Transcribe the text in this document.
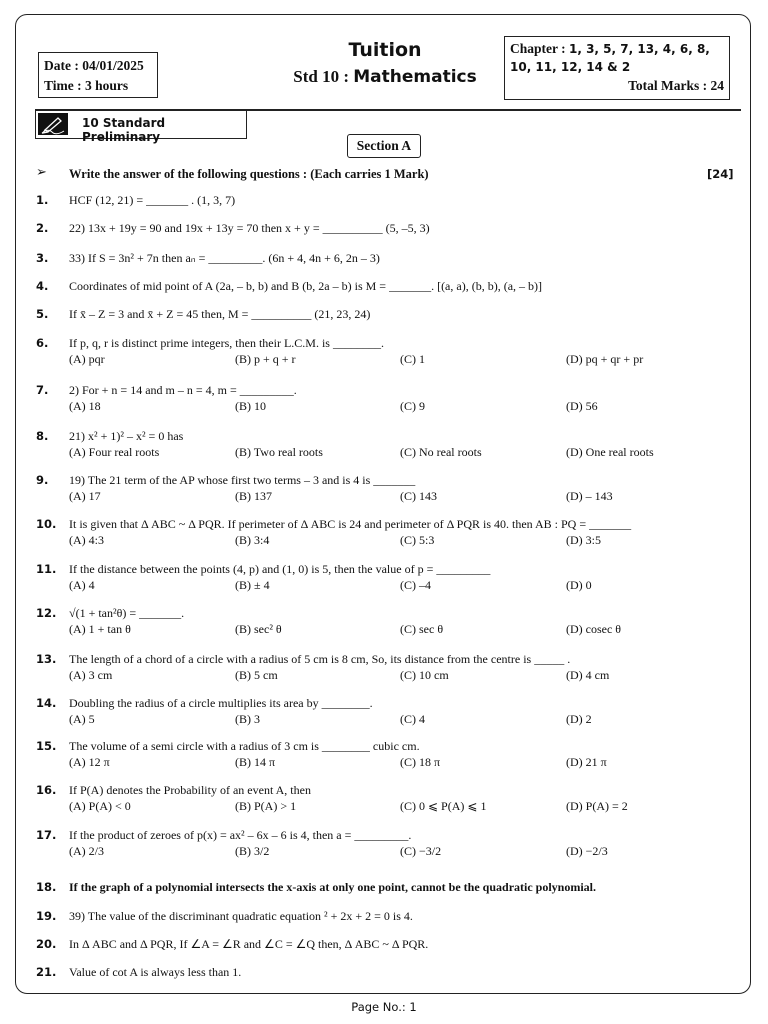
Date : 04/01/2025
Time : 3 hours
Tuition
Std 10 : Mathematics
Chapter : 1, 3, 5, 7, 13, 4, 6, 8, 10, 11, 12, 14 & 2
Total Marks : 24
10 Standard Preliminary
Section A
➢ Write the answer of the following questions : (Each carries 1 Mark)	[24]
1. HCF (12, 21) = _______ . (1, 3, 7)
2. 22) 13x + 19y = 90 and 19x + 13y = 70 then x + y = __________ (5, –5, 3)
3. 33) If S = 3n² + 7n then aₙ = _________. (6n + 4, 4n + 6, 2n – 3)
4. Coordinates of mid point of A (2a, – b, b) and B (b, 2a – b) is M = _______. [(a, a), (b, b), (a, – b)]
5. If x̄ – Z = 3 and x̄ + Z = 45 then, M = __________ (21, 23, 24)
6. If p, q, r is distinct prime integers, then their L.C.M. is ________.
(A) pqr	(B) p + q + r	(C) 1	(D) pq + qr + pr
7. 2) For + n = 14 and m – n = 4, m = _________.
(A) 18	(B) 10	(C) 9	(D) 56
8. 21) x² + 1)² – x² = 0 has
(A) Four real roots	(B) Two real roots	(C) No real roots	(D) One real roots
9. 19) The 21 term of the AP whose first two terms – 3 and is 4 is _______
(A) 17	(B) 137	(C) 143	(D) – 143
10. It is given that Δ ABC ~ Δ PQR. If perimeter of Δ ABC is 24 and perimeter of Δ PQR is 40. then AB : PQ = _______
(A) 4:3	(B) 3:4	(C) 5:3	(D) 3:5
11. If the distance between the points (4, p) and (1, 0) is 5, then the value of p = _________
(A) 4	(B) ± 4	(C) –4	(D) 0
12. √(1 + tan²θ) = _______.
(A) 1 + tan θ	(B) sec² θ	(C) sec θ	(D) cosec θ
13. The length of a chord of a circle with a radius of 5 cm is 8 cm, So, its distance from the centre is _____ .
(A) 3 cm	(B) 5 cm	(C) 10 cm	(D) 4 cm
14. Doubling the radius of a circle multiplies its area by ________.
(A) 5	(B) 3	(C) 4	(D) 2
15. The volume of a semi circle with a radius of 3 cm is ________ cubic cm.
(A) 12 π	(B) 14 π	(C) 18 π	(D) 21 π
16. If P(A) denotes the Probability of an event A, then
(A) P(A) < 0	(B) P(A) > 1	(C) 0 ⩽ P(A) ⩽ 1	(D) P(A) = 2
17. If the product of zeroes of p(x) = ax² – 6x – 6 is 4, then a = _________.
(A) 2/3	(B) 3/2	(C) −3/2	(D) −2/3
18. If the graph of a polynomial intersects the x-axis at only one point, cannot be the quadratic polynomial.
19. 39) The value of the discriminant quadratic equation ² + 2x + 2 = 0 is 4.
20. In Δ ABC and Δ PQR, If ∠A = ∠R and ∠C = ∠Q then, Δ ABC ~ Δ PQR.
21. Value of cot A is always less than 1.
Page No.: 1
